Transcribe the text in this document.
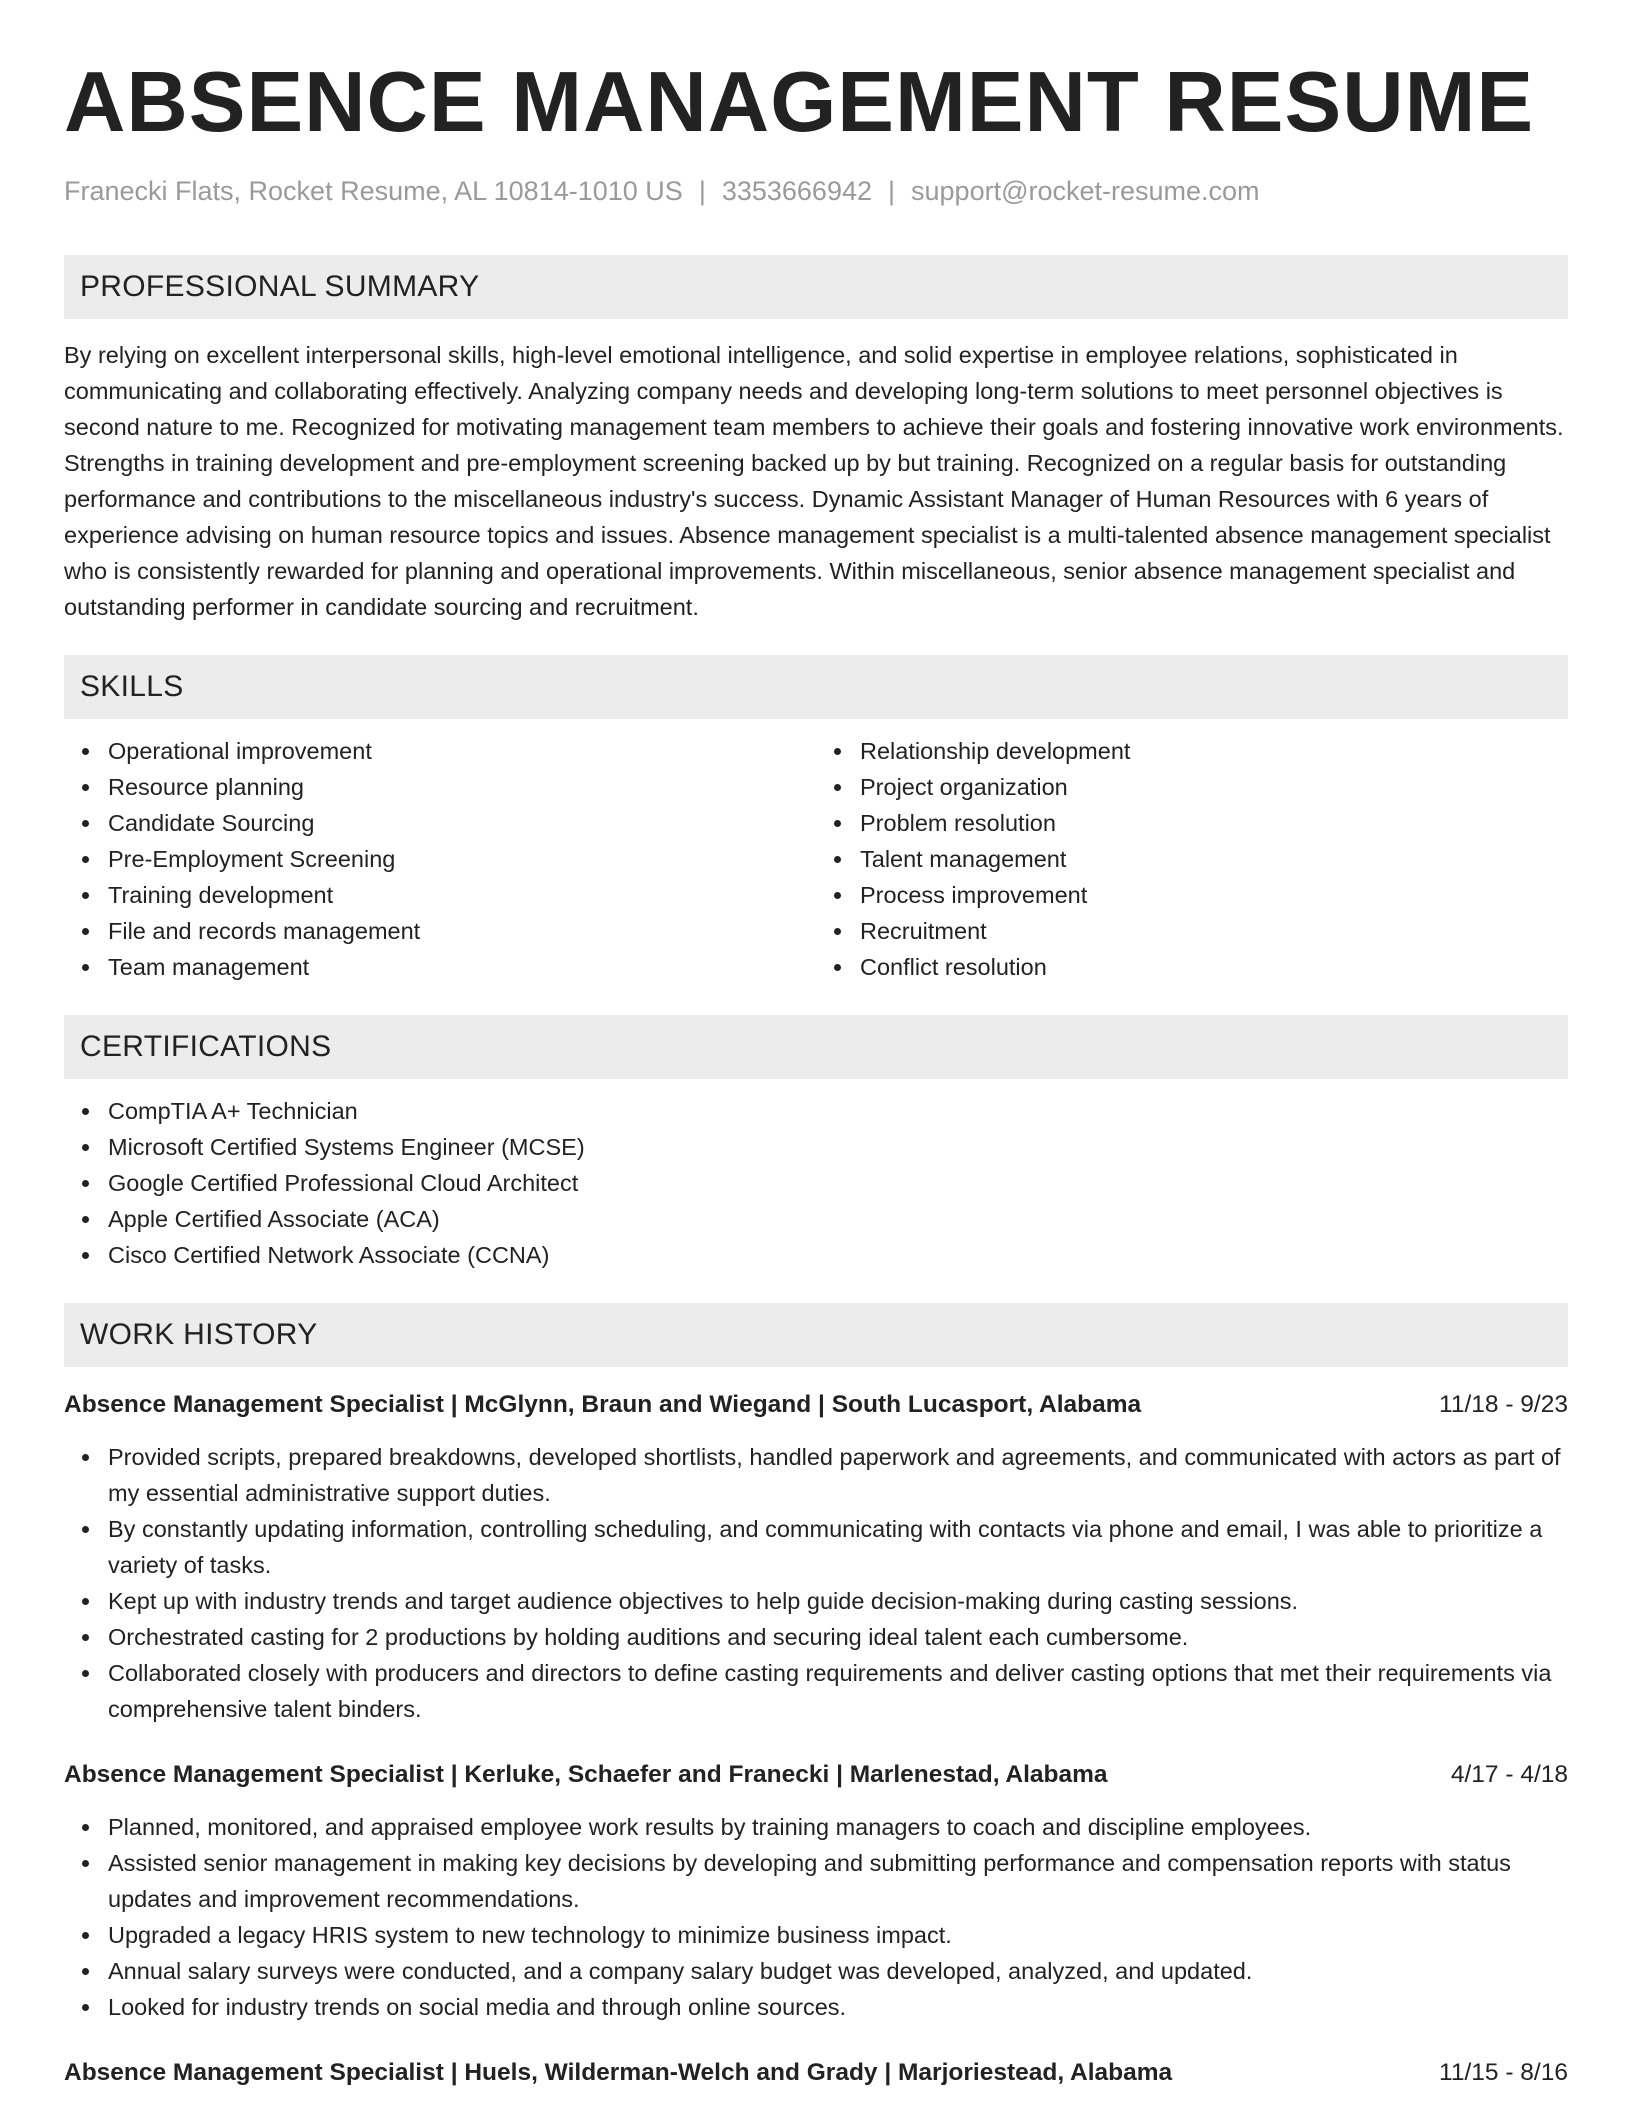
ABSENCE MANAGEMENT RESUME
Franecki Flats, Rocket Resume, AL 10814-1010 US | 3353666942 | support@rocket-resume.com
PROFESSIONAL SUMMARY

By relying on excellent interpersonal skills, high-level emotional intelligence, and solid expertise in employee relations, sophisticated in communicating and collaborating effectively. Analyzing company needs and developing long-term solutions to meet personnel objectives is second nature to me. Recognized for motivating management team members to achieve their goals and fostering innovative work environments. Strengths in training development and pre-employment screening backed up by but training. Recognized on a regular basis for outstanding performance and contributions to the miscellaneous industry's success. Dynamic Assistant Manager of Human Resources with 6 years of experience advising on human resource topics and issues. Absence management specialist is a multi-talented absence management specialist who is consistently rewarded for planning and operational improvements. Within miscellaneous, senior absence management specialist and outstanding performer in candidate sourcing and recruitment.

SKILLS
Operational improvement
Resource planning
Candidate Sourcing
Pre-Employment Screening
Training development
File and records management
Team management
Relationship development
Project organization
Problem resolution
Talent management
Process improvement
Recruitment
Conflict resolution
CERTIFICATIONS
CompTIA A+ Technician
Microsoft Certified Systems Engineer (MCSE)
Google Certified Professional Cloud Architect
Apple Certified Associate (ACA)
Cisco Certified Network Associate (CCNA)
WORK HISTORY
Absence Management Specialist | McGlynn, Braun and Wiegand | South Lucasport, Alabama	11/18 - 9/23
Provided scripts, prepared breakdowns, developed shortlists, handled paperwork and agreements, and communicated with actors as part of my essential administrative support duties.
By constantly updating information, controlling scheduling, and communicating with contacts via phone and email, I was able to prioritize a variety of tasks.
Kept up with industry trends and target audience objectives to help guide decision-making during casting sessions.
Orchestrated casting for 2 productions by holding auditions and securing ideal talent each cumbersome.
Collaborated closely with producers and directors to define casting requirements and deliver casting options that met their requirements via comprehensive talent binders.
Absence Management Specialist | Kerluke, Schaefer and Franecki | Marlenestad, Alabama	4/17 - 4/18
Planned, monitored, and appraised employee work results by training managers to coach and discipline employees.
Assisted senior management in making key decisions by developing and submitting performance and compensation reports with status updates and improvement recommendations.
Upgraded a legacy HRIS system to new technology to minimize business impact.
Annual salary surveys were conducted, and a company salary budget was developed, analyzed, and updated.
Looked for industry trends on social media and through online sources.
Absence Management Specialist | Huels, Wilderman-Welch and Grady | Marjoriestead, Alabama	11/15 - 8/16
